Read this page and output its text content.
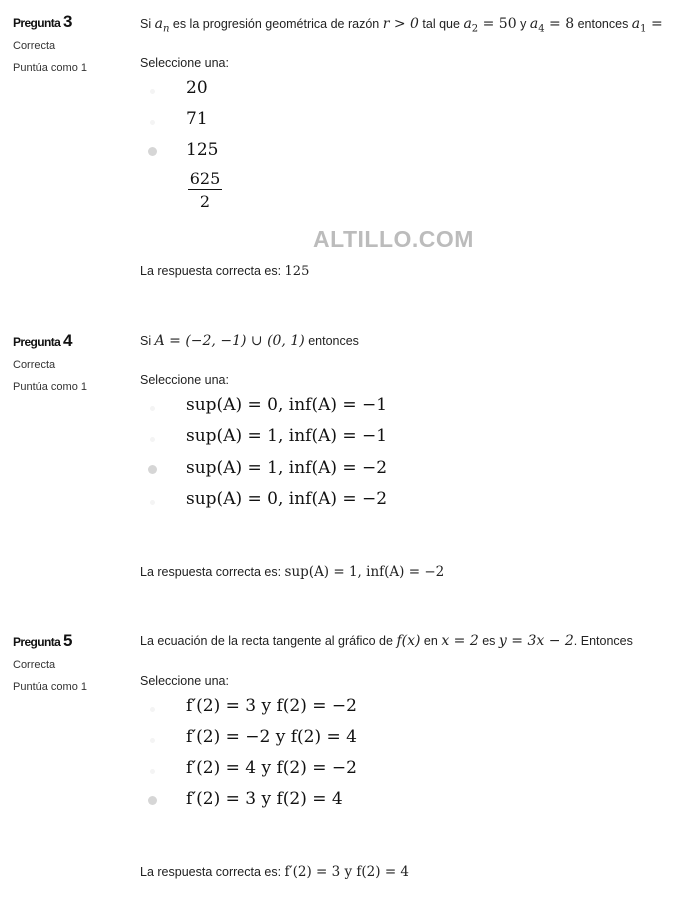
Pregunta 3
Correcta
Puntúa como 1
Si $a_n$ es la progresión geométrica de razón r > 0 tal que $a_2 = 50$ y $a_4 = 8$ entonces $a_1$ =
Seleccione una:
20
71
125
$\frac{625}{2}$
La respuesta correcta es: 125
ALTILLO.COM
Pregunta 4
Correcta
Puntúa como 1
Si A = (−2, −1) ∪ (0, 1) entonces
Seleccione una:
sup(A) = 0, inf(A) = −1
sup(A) = 1, inf(A) = −1
sup(A) = 1, inf(A) = −2
sup(A) = 0, inf(A) = −2
La respuesta correcta es: sup(A) = 1, inf(A) = −2
Pregunta 5
Correcta
Puntúa como 1
La ecuación de la recta tangente al gráfico de f(x) en x = 2 es y = 3x − 2. Entonces
Seleccione una:
f′(2) = 3 y f(2) = −2
f′(2) = −2 y f(2) = 4
f′(2) = 4 y f(2) = −2
f′(2) = 3 y f(2) = 4
La respuesta correcta es: f′(2) = 3 y f(2) = 4
